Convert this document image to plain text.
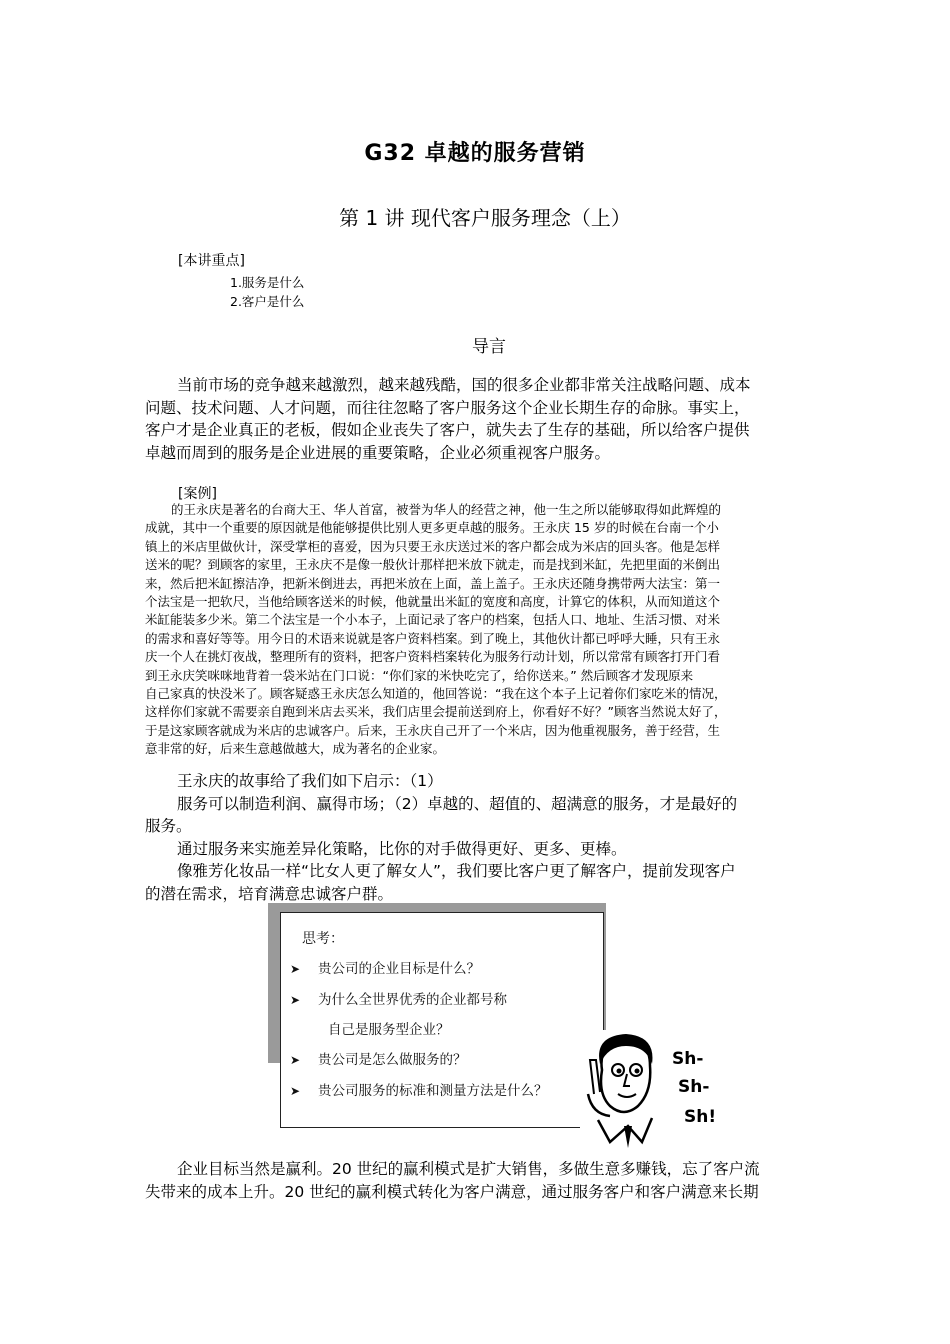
G32 卓越的服务营销
第 1 讲 现代客户服务理念（上）
[本讲重点]
1.服务是什么
2.客户是什么
导言
当前市场的竞争越来越激烈，越来越残酷，国的很多企业都非常关注战略问题、成本
问题、技术问题、人才问题，而往往忽略了客户服务这个企业长期生存的命脉。事实上，
客户才是企业真正的老板，假如企业丧失了客户，就失去了生存的基础，所以给客户提供
卓越而周到的服务是企业进展的重要策略，企业必须重视客户服务。
[案例]
的王永庆是著名的台商大王、华人首富，被誉为华人的经营之神，他一生之所以能够取得如此辉煌的
成就，其中一个重要的原因就是他能够提供比别人更多更卓越的服务。王永庆 15 岁的时候在台南一个小
镇上的米店里做伙计，深受掌柜的喜爱，因为只要王永庆送过米的客户都会成为米店的回头客。他是怎样
送米的呢？到顾客的家里，王永庆不是像一般伙计那样把米放下就走，而是找到米缸，先把里面的米倒出
来，然后把米缸擦洁净，把新米倒进去，再把米放在上面，盖上盖子。王永庆还随身携带两大法宝：第一
个法宝是一把软尺，当他给顾客送米的时候，他就量出米缸的宽度和高度，计算它的体积，从而知道这个
米缸能装多少米。第二个法宝是一个小本子，上面记录了客户的档案，包括人口、地址、生活习惯、对米
的需求和喜好等等。用今日的术语来说就是客户资料档案。到了晚上，其他伙计都已呼呼大睡，只有王永
庆一个人在挑灯夜战，整理所有的资料，把客户资料档案转化为服务行动计划，所以常常有顾客打开门看
到王永庆笑咪咪地背着一袋米站在门口说：“你们家的米快吃完了，给你送来。” 然后顾客才发现原来
自己家真的快没米了。顾客疑惑王永庆怎么知道的，他回答说：“我在这个本子上记着你们家吃米的情况，
这样你们家就不需要亲自跑到米店去买米，我们店里会提前送到府上，你看好不好？”顾客当然说太好了，
于是这家顾客就成为米店的忠诚客户。后来，王永庆自己开了一个米店，因为他重视服务，善于经营，生
意非常的好，后来生意越做越大，成为著名的企业家。
王永庆的故事给了我们如下启示：（1）
服务可以制造利润、赢得市场；（2）卓越的、超值的、超满意的服务，才是最好的
服务。
通过服务来实施差异化策略，比你的对手做得更好、更多、更棒。
像雅芳化妆品一样“比女人更了解女人”，我们要比客户更了解客户，提前发现客户
的潜在需求，培育满意忠诚客户群。
思考：
➤ 贵公司的企业目标是什么？
➤ 为什么全世界优秀的企业都号称
自己是服务型企业？
➤ 贵公司是怎么做服务的？
➤ 贵公司服务的标准和测量方法是什么？
Sh-
Sh-
Sh!
企业目标当然是赢利。20 世纪的赢利模式是扩大销售，多做生意多赚钱，忘了客户流
失带来的成本上升。20 世纪的赢利模式转化为客户满意，通过服务客户和客户满意来长期
